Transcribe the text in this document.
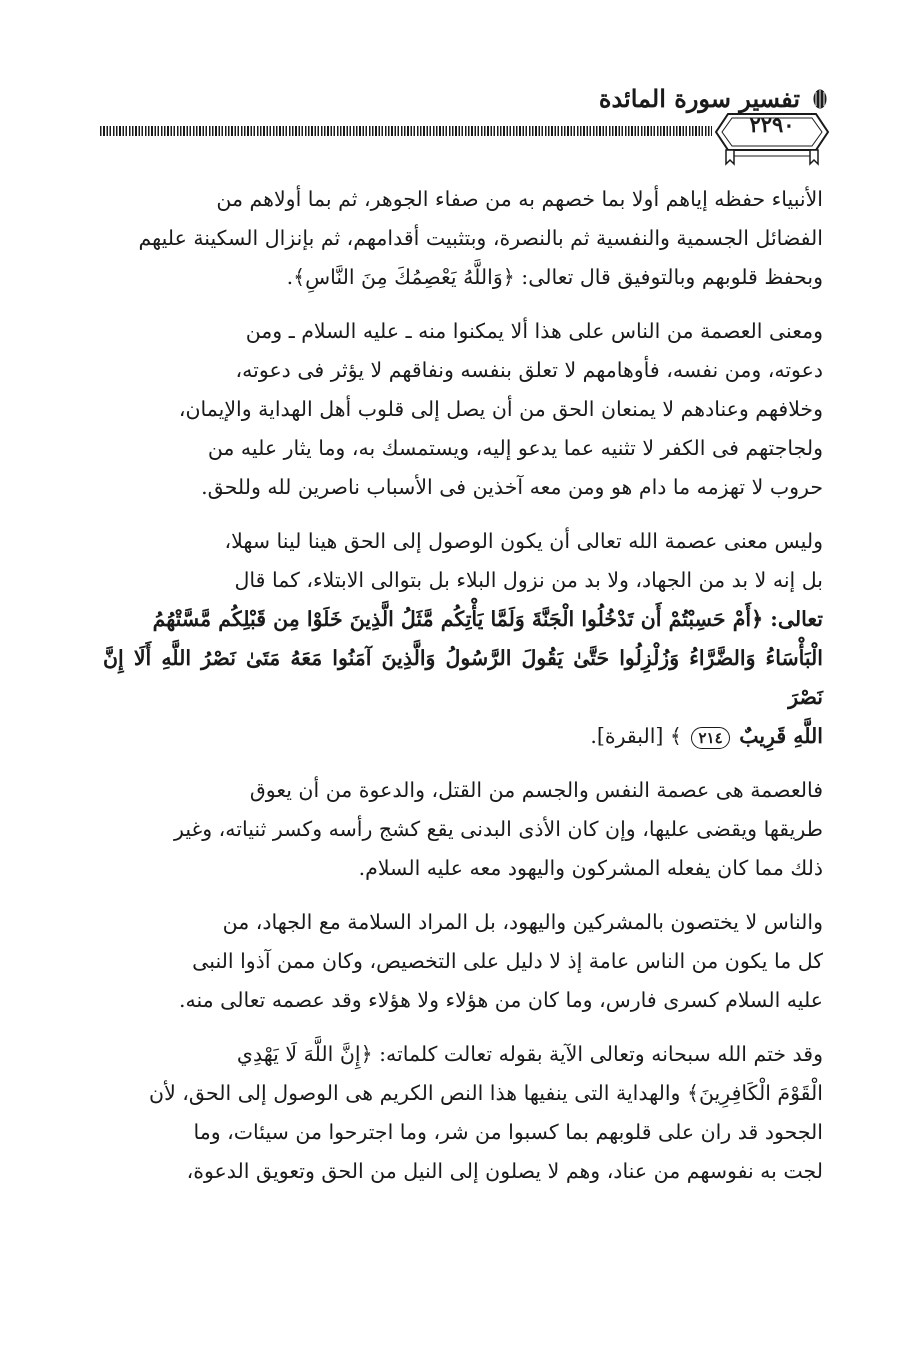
تفسير سورة المائدة
٢٢٩٠

الأنبياء حفظه إياهم أولا بما خصهم به من صفاء الجوهر، ثم بما أولاهم من
الفضائل الجسمية والنفسية ثم بالنصرة، وبتثبيت أقدامهم، ثم بإنزال السكينة عليهم
وبحفظ قلوبهم وبالتوفيق قال تعالى: ﴿وَاللَّهُ يَعْصِمُكَ مِنَ النَّاسِ﴾.

ومعنى العصمة من الناس على هذا ألا يمكنوا منه ـ عليه السلام ـ ومن
دعوته، ومن نفسه، فأوهامهم لا تعلق بنفسه ونفاقهم لا يؤثر فى دعوته،
وخلافهم وعنادهم لا يمنعان الحق من أن يصل إلى قلوب أهل الهداية والإيمان،
ولجاجتهم فى الكفر لا تثنيه عما يدعو إليه، ويستمسك به، وما يثار عليه من
حروب لا تهزمه ما دام هو ومن معه آخذين فى الأسباب ناصرين لله وللحق.

وليس معنى عصمة الله تعالى أن يكون الوصول إلى الحق هينا لينا سهلا،
بل إنه لا بد من الجهاد، ولا بد من نزول البلاء بل بتوالى الابتلاء، كما قال
تعالى: ﴿أَمْ حَسِبْتُمْ أَن تَدْخُلُوا الْجَنَّةَ وَلَمَّا يَأْتِكُم مَّثَلُ الَّذِينَ خَلَوْا مِن قَبْلِكُم مَّسَّتْهُمُ
الْبَأْسَاءُ وَالضَّرَّاءُ وَزُلْزِلُوا حَتَّىٰ يَقُولَ الرَّسُولُ وَالَّذِينَ آمَنُوا مَعَهُ مَتَىٰ نَصْرُ اللَّهِ أَلَا إِنَّ نَصْرَ
اللَّهِ قَرِيبٌ ٢١٤ ﴾ [البقرة].

فالعصمة هى عصمة النفس والجسم من القتل، والدعوة من أن يعوق
طريقها ويقضى عليها، وإن كان الأذى البدنى يقع كشج رأسه وكسر ثنياته، وغير
ذلك مما كان يفعله المشركون واليهود معه عليه السلام.

والناس لا يختصون بالمشركين واليهود، بل المراد السلامة مع الجهاد، من
كل ما يكون من الناس عامة إذ لا دليل على التخصيص، وكان ممن آذوا النبى
عليه السلام كسرى فارس، وما كان من هؤلاء ولا هؤلاء وقد عصمه تعالى منه.

وقد ختم الله سبحانه وتعالى الآية بقوله تعالت كلماته: ﴿إِنَّ اللَّهَ لَا يَهْدِي
الْقَوْمَ الْكَافِرِينَ﴾ والهداية التى ينفيها هذا النص الكريم هى الوصول إلى الحق، لأن
الجحود قد ران على قلوبهم بما كسبوا من شر، وما اجترحوا من سيئات، وما
لجت به نفوسهم من عناد، وهم لا يصلون إلى النيل من الحق وتعويق الدعوة،
